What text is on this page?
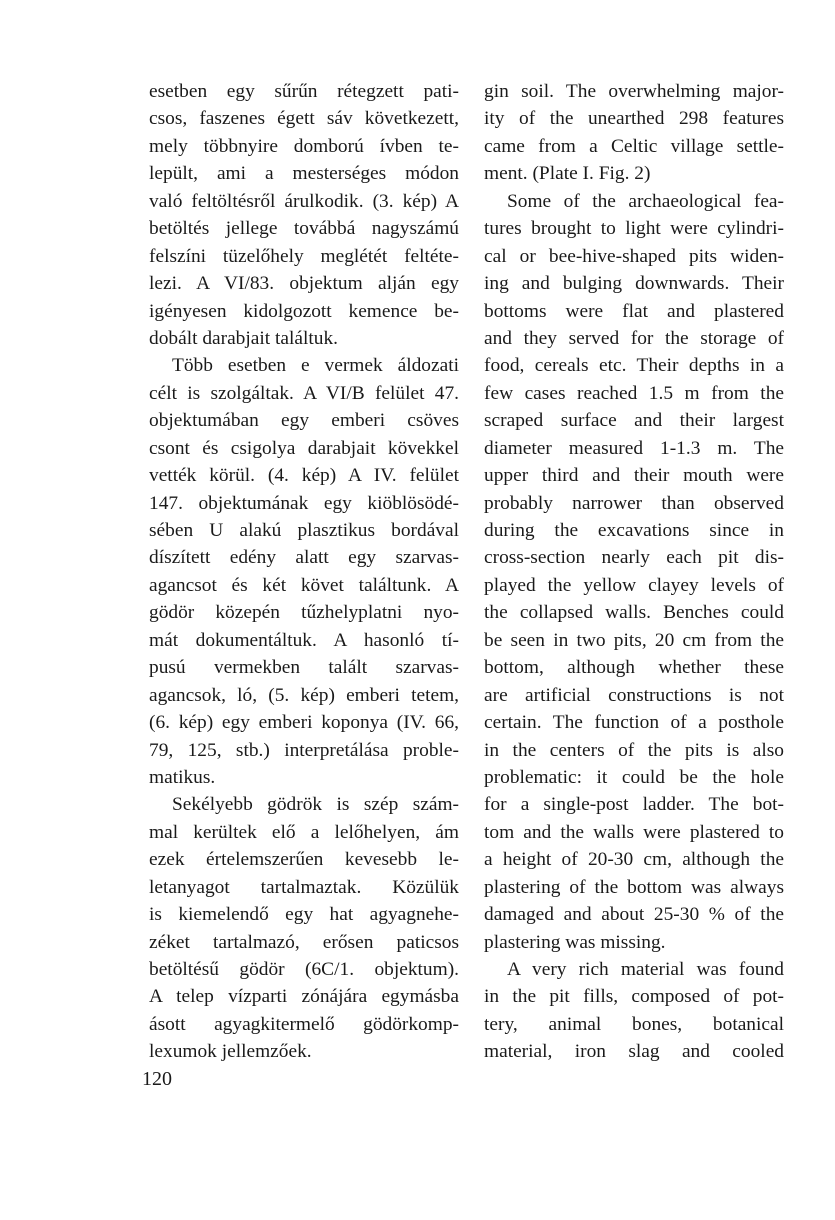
esetben egy sűrűn rétegzett pati-
csos, faszenes égett sáv következett,
mely többnyire domború ívben te-
lepült, ami a mesterséges módon
való feltöltésről árulkodik. (3. kép) A
betöltés jellege továbbá nagyszámú
felszíni tüzelőhely meglétét feltéte-
lezi. A VI/83. objektum alján egy
igényesen kidolgozott kemence be-
dobált darabjait találtuk.
Több esetben e vermek áldozati
célt is szolgáltak. A VI/B felület 47.
objektumában egy emberi csöves
csont és csigolya darabjait kövekkel
vették körül. (4. kép) A IV. felület
147. objektumának egy kiöblösödé-
sében U alakú plasztikus bordával
díszített edény alatt egy szarvas-
agancsot és két követ találtunk. A
gödör közepén tűzhelyplatni nyo-
mát dokumentáltuk. A hasonló tí-
pusú vermekben talált szarvas-
agancsok, ló, (5. kép) emberi tetem,
(6. kép) egy emberi koponya (IV. 66,
79, 125, stb.) interpretálása proble-
matikus.
Sekélyebb gödrök is szép szám-
mal kerültek elő a lelőhelyen, ám
ezek értelemszerűen kevesebb le-
letanyagot tartalmaztak. Közülük
is kiemelendő egy hat agyagnehe-
zéket tartalmazó, erősen paticsos
betöltésű gödör (6C/1. objektum).
A telep vízparti zónájára egymásba
ásott agyagkitermelő gödörkomp-
lexumok jellemzőek.
gin soil. The overwhelming major-
ity of the unearthed 298 features
came from a Celtic village settle-
ment. (Plate I. Fig. 2)
Some of the archaeological fea-
tures brought to light were cylindri-
cal or bee-hive-shaped pits widen-
ing and bulging downwards. Their
bottoms were flat and plastered
and they served for the storage of
food, cereals etc. Their depths in a
few cases reached 1.5 m from the
scraped surface and their largest
diameter measured 1-1.3 m. The
upper third and their mouth were
probably narrower than observed
during the excavations since in
cross-section nearly each pit dis-
played the yellow clayey levels of
the collapsed walls. Benches could
be seen in two pits, 20 cm from the
bottom, although whether these
are artificial constructions is not
certain. The function of a posthole
in the centers of the pits is also
problematic: it could be the hole
for a single-post ladder. The bot-
tom and the walls were plastered to
a height of 20-30 cm, although the
plastering of the bottom was always
damaged and about 25-30 % of the
plastering was missing.
A very rich material was found
in the pit fills, composed of pot-
tery, animal bones, botanical
material, iron slag and cooled
120
